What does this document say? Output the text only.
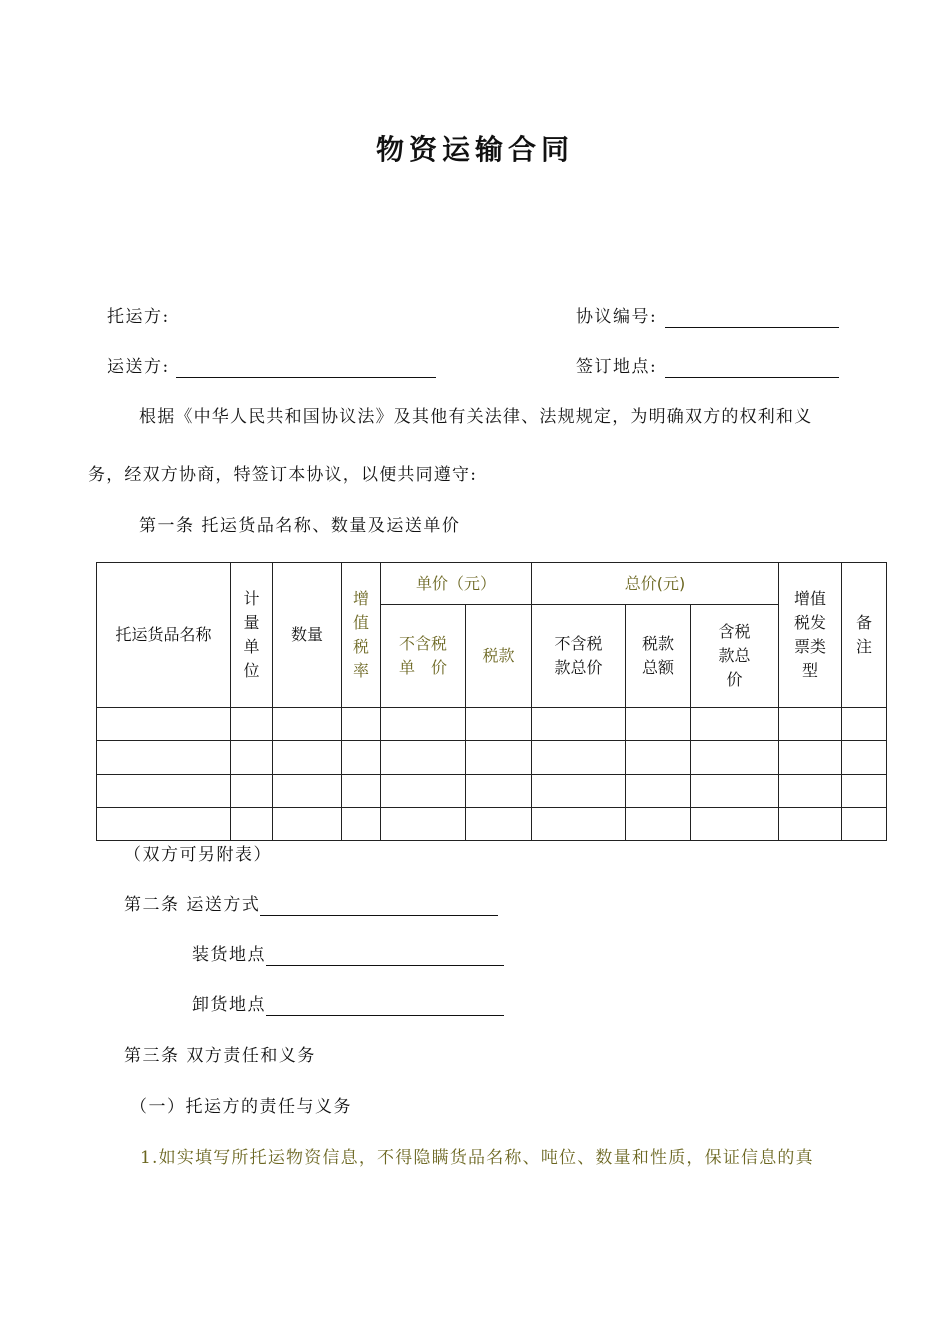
物资运输合同
托运方:	协议编号:
运送方:	签订地点:
根据《中华人民共和国协议法》及其他有关法律、法规规定，为明确双方的权利和义
务，经双方协商，特签订本协议，以便共同遵守:
第一条 托运货品名称、数量及运送单价
托运货品名称	计量单位	数量	增值税率	单价（元）		总价(元)			增值税发票类型	备注
				不含税单　价	税款	不含税款总价	税款总额	含税款总价		

（双方可另附表）
第二条 运送方式
装货地点
卸货地点
第三条 双方责任和义务
（一）托运方的责任与义务
1.如实填写所托运物资信息，不得隐瞒货品名称、吨位、数量和性质，保证信息的真
